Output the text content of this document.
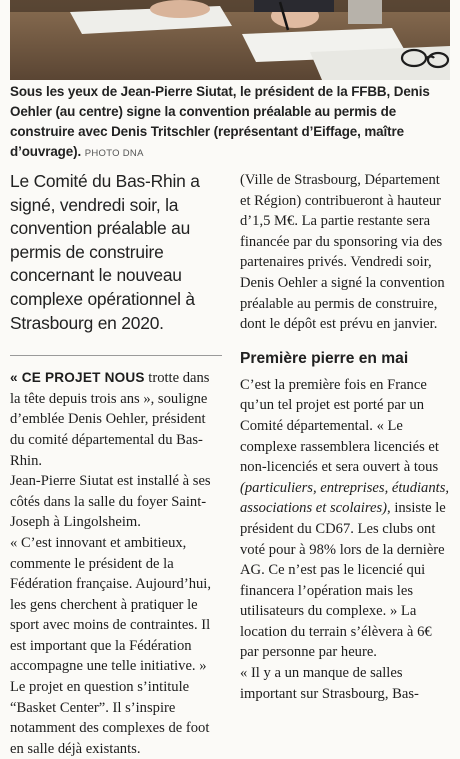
Sous les yeux de Jean-Pierre Siutat, le président de la FFBB, Denis Oehler (au centre) signe la convention préalable au permis de construire avec Denis Tritschler (représentant d’Eiffage, maître d’ouvrage). PHOTO DNA

Le Comité du Bas-Rhin a signé, vendredi soir, la convention préalable au permis de construire concernant le nouveau complexe opérationnel à Strasbourg en 2020.

« CE PROJET NOUS trotte dans la tête depuis trois ans », souligne d’emblée Denis Oehler, président du comité départemental du Bas-Rhin.

Jean-Pierre Siutat est installé à ses côtés dans la salle du foyer Saint-Joseph à Lingolsheim.

« C’est innovant et ambitieux, commente le président de la Fédération française. Aujourd’hui, les gens cherchent à pratiquer le sport avec moins de contraintes. Il est important que la Fédération accompagne une telle initiative. »

Le projet en question s’intitule “Basket Center”. Il s’inspire notamment des complexes de foot en salle déjà existants.

(Ville de Strasbourg, Département et Région) contribueront à hauteur d’1,5 M€. La partie restante sera financée par du sponsoring via des partenaires privés. Vendredi soir, Denis Oehler a signé la convention préalable au permis de construire, dont le dépôt est prévu en janvier.

Première pierre en mai

C’est la première fois en France qu’un tel projet est porté par un Comité départemental. « Le complexe rassemblera licenciés et non-licenciés et sera ouvert à tous (particuliers, entreprises, étudiants, associations et scolaires), insiste le président du CD67. Les clubs ont voté pour à 98% lors de la dernière AG. Ce n’est pas le licencié qui financera l’opération mais les utilisateurs du complexe. » La location du terrain s’élèvera à 6€ par personne par heure.

« Il y a un manque de salles important sur Strasbourg, Bas-
